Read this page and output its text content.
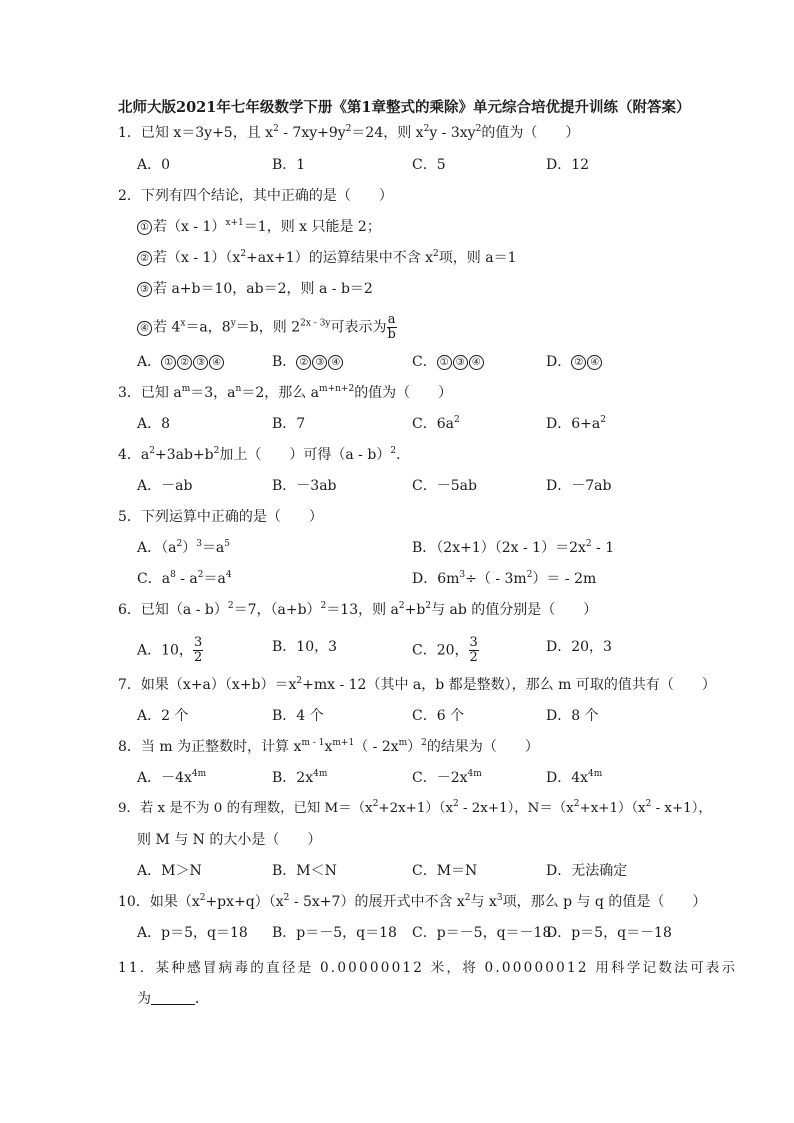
北师大版2021年七年级数学下册《第1章整式的乘除》单元综合培优提升训练（附答案）
1．已知 x＝3y+5，且 $x^2 - 7xy+9y^2=24$，则 $x^2y - 3xy^2$的值为（　　）
A．0	B．1	C．5	D．12
2．下列有四个结论，其中正确的是（　　）
① 若（x - 1）$^{x+1}$＝1，则 x 只能是 2；
② 若$(x - 1)(x^2+ax+1)$的运算结果中不含 $x^2$项，则 a＝1
③ 若 a+b＝10，ab＝2，则 a - b＝2
④ 若 $4^x=a$，$8^y=b$，则 $2^{2x - 3y}$可表示为 $\frac{a}{b}$
A． ① ② ③ ④	B． ② ③ ④	C． ① ③ ④	D． ② ④
3．已知 $a^m=3$，$a^n=2$，那么 $a^{m+n+2}$的值为（　　）
A．8	B．7	C．$6a^2$	D．$6+a^2$
4．$a^2+3ab+b^2$加上（　　）可得（a - b）$^2$．
A．－ab	B．－3ab	C．－5ab	D．－7ab
5．下列运算中正确的是（　　）
A．$(a^2)^3=a^5$	B．$(2x+1)(2x - 1)=2x^2 - 1$
C．$a^8 - a^2=a^4$	D．$6m^3\div( - 3m^2)= - 2m$
6．已知（a - b）$^2$＝7，$(a+b)^2=13$，则 $a^2+b^2$与 ab 的值分别是（　　）
A．10， $\frac{3}{2}$	B．10，3	C．20， $\frac{3}{2}$	D．20，3
7．如果$(x+a)(x+b)=x^2+mx - 12$（其中 a，b 都是整数），那么 m 可取的值共有（　　）
A．2 个	B．4 个	C．6 个	D．8 个
8．当 m 为正整数时，计算 $x^{m - 1}x^{m+1}( - 2x^m)^2$的结果为（　　）
A．$-4x^{4m}$	B．$2x^{4m}$	C．$-2x^{4m}$	D．$4x^{4m}$
9．若 x 是不为 0 的有理数，已知 $M=(x^2+2x+1)(x^2 - 2x+1)$，$N=(x^2+x+1)(x^2 - x+1)$，
则 M 与 N 的大小是（　　）
A．M＞N	B．M＜N	C．M＝N	D．无法确定
10．如果$(x^2+px+q)(x^2 - 5x+7)$的展开式中不含 $x^2$与 $x^3$项，那么 p 与 q 的值是（　　）
A．p＝5，q＝18 B．p＝－5，q＝18 C．p＝－5，q＝－18
D．p＝5，q＝－18
11．某种感冒病毒的直径是 0.00000012 米，将 0.00000012 用科学记数法可表示
为	．
